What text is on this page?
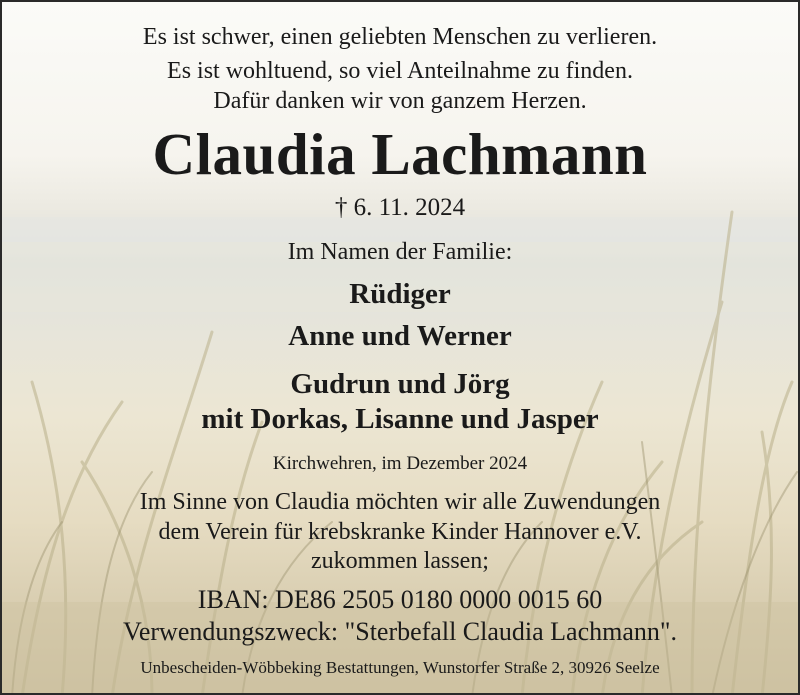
Es ist schwer, einen geliebten Menschen zu verlieren.
Es ist wohltuend, so viel Anteilnahme zu finden.
Dafür danken wir von ganzem Herzen.
Claudia Lachmann
† 6. 11. 2024
Im Namen der Familie:
Rüdiger
Anne und Werner
Gudrun und Jörg
mit Dorkas, Lisanne und Jasper
Kirchwehren, im Dezember 2024
Im Sinne von Claudia möchten wir alle Zuwendungen
dem Verein für krebskranke Kinder Hannover e.V.
zukommen lassen;
IBAN: DE86 2505 0180 0000 0015 60
Verwendungszweck: "Sterbefall Claudia Lachmann".
Unbescheiden-Wöbbeking Bestattungen, Wunstorfer Straße 2, 30926 Seelze
